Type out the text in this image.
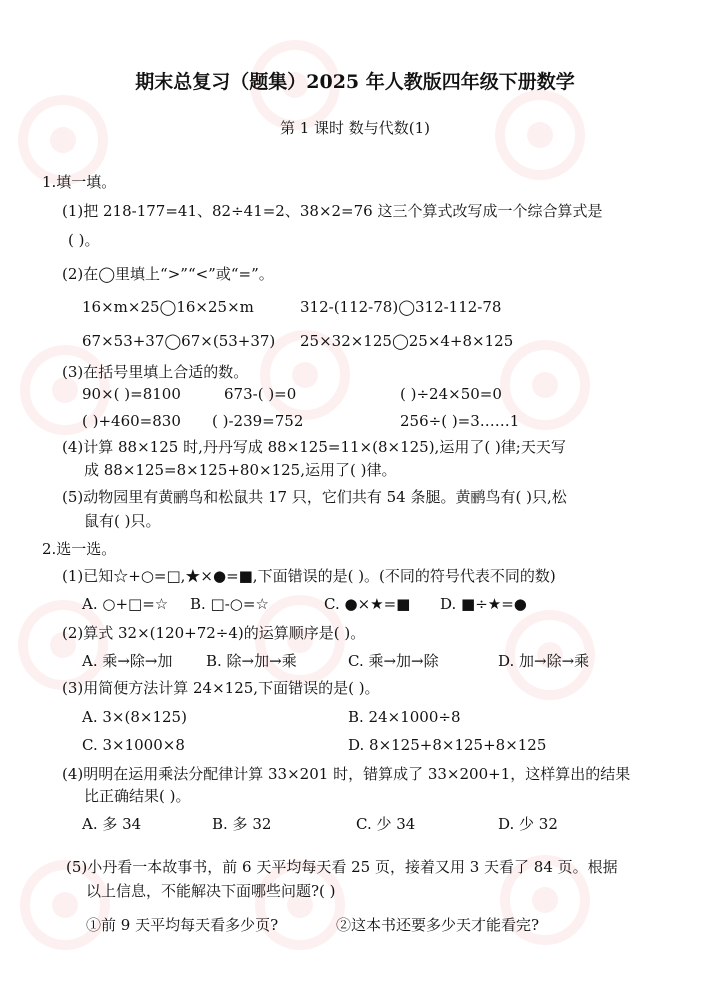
期末总复习（题集）2025 年人教版四年级下册数学
第 1 课时 数与代数(1)
1.填一填。
(1)把 218-177=41、82÷41=2、38×2=76 这三个算式改写成一个综合算式是
( )。
(2)在◯里填上“>”“<”或“=”。
16×m×25◯16×25×m	312-(112-78)◯312-112-78
67×53+37◯67×(53+37) 25×32×125◯25×4+8×125
(3)在括号里填上合适的数。
90×( )=8100	673-( )=0	( )÷24×50=0
( )+460=830 ( )-239=752	256÷( )=3……1
(4)计算 88×125 时,丹丹写成 88×125=11×(8×125),运用了( )律;天天写
成 88×125=8×125+80×125,运用了( )律。
(5)动物园里有黄鹂鸟和松鼠共 17 只，它们共有 54 条腿。黄鹂鸟有( )只,松
鼠有( )只。
2.选一选。
(1)已知☆+○=□,★×●=■,下面错误的是( )。(不同的符号代表不同的数)
A. ○+□=☆ B. □-○=☆	C. ●×★=■ D. ■÷★=●
(2)算式 32×(120+72÷4)的运算顺序是( )。
A. 乘→除→加 B. 除→加→乘	C. 乘→加→除	D. 加→除→乘
(3)用简便方法计算 24×125,下面错误的是( )。
A. 3×(8×125)	B. 24×1000÷8
C. 3×1000×8	D. 8×125+8×125+8×125
(4)明明在运用乘法分配律计算 33×201 时，错算成了 33×200+1，这样算出的结果
比正确结果( )。
A. 多 34	B. 多 32	C. 少 34	D. 少 32
(5)小丹看一本故事书，前 6 天平均每天看 25 页，接着又用 3 天看了 84 页。根据
以上信息，不能解决下面哪些问题?( )
①前 9 天平均每天看多少页?	②这本书还要多少天才能看完?
